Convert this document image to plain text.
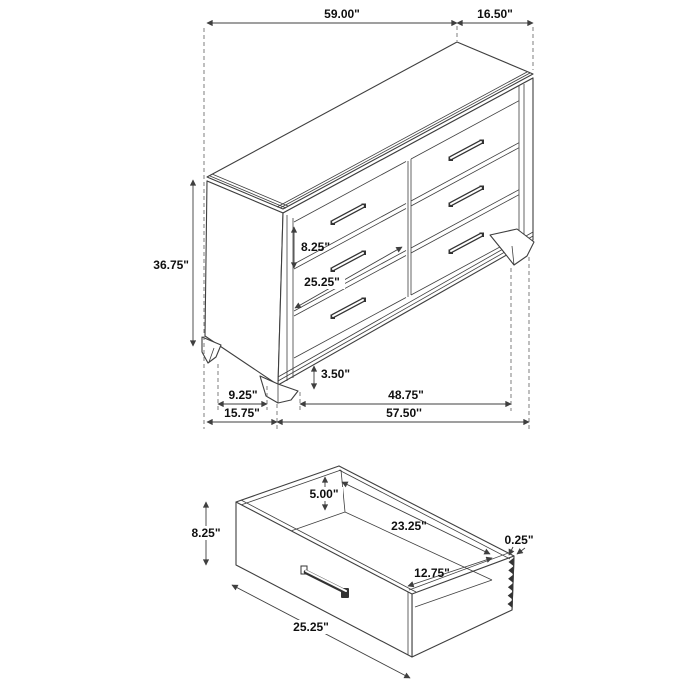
59.00"	16.50"
36.75"
8.25"
25.25"
3.50"
9.25"	48.75"
15.75"	57.50''
8.25"
5.00"
23.25"
0.25"
12.75"
25.25"
